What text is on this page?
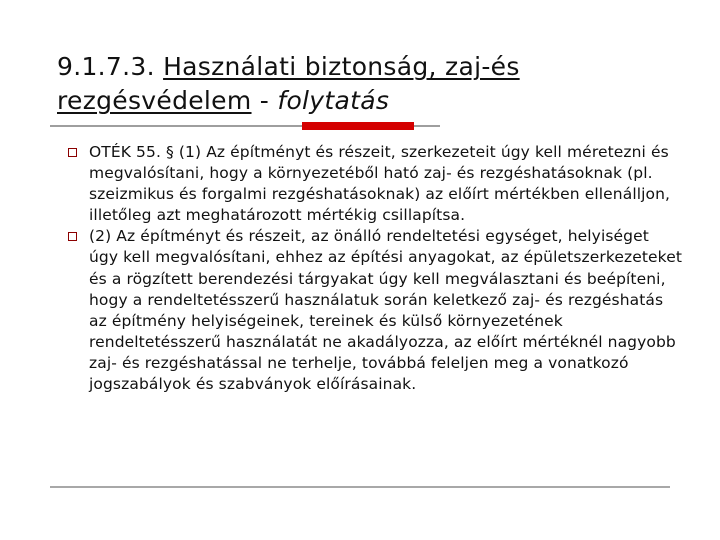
9.1.7.3. Használati biztonság, zaj-és
rezgésvédelem - folytatás
OTÉK 55. § (1) Az építményt és részeit, szerkezeteit úgy kell méretezni és megvalósítani, hogy a környezetéből ható zaj- és rezgéshatásoknak (pl. szeizmikus és forgalmi rezgéshatásoknak) az előírt mértékben ellenálljon, illetőleg azt meghatározott mértékig csillapítsa.
(2) Az építményt és részeit, az önálló rendeltetési egységet, helyiséget úgy kell megvalósítani, ehhez az építési anyagokat, az épületszerkezeteket és a rögzített berendezési tárgyakat úgy kell megválasztani és beépíteni, hogy a rendeltetésszerű használatuk során keletkező zaj- és rezgéshatás az építmény helyiségeinek, tereinek és külső környezetének rendeltetésszerű használatát ne akadályozza, az előírt mértéknél nagyobb zaj- és rezgéshatással ne terhelje, továbbá feleljen meg a vonatkozó jogszabályok és szabványok előírásainak.
